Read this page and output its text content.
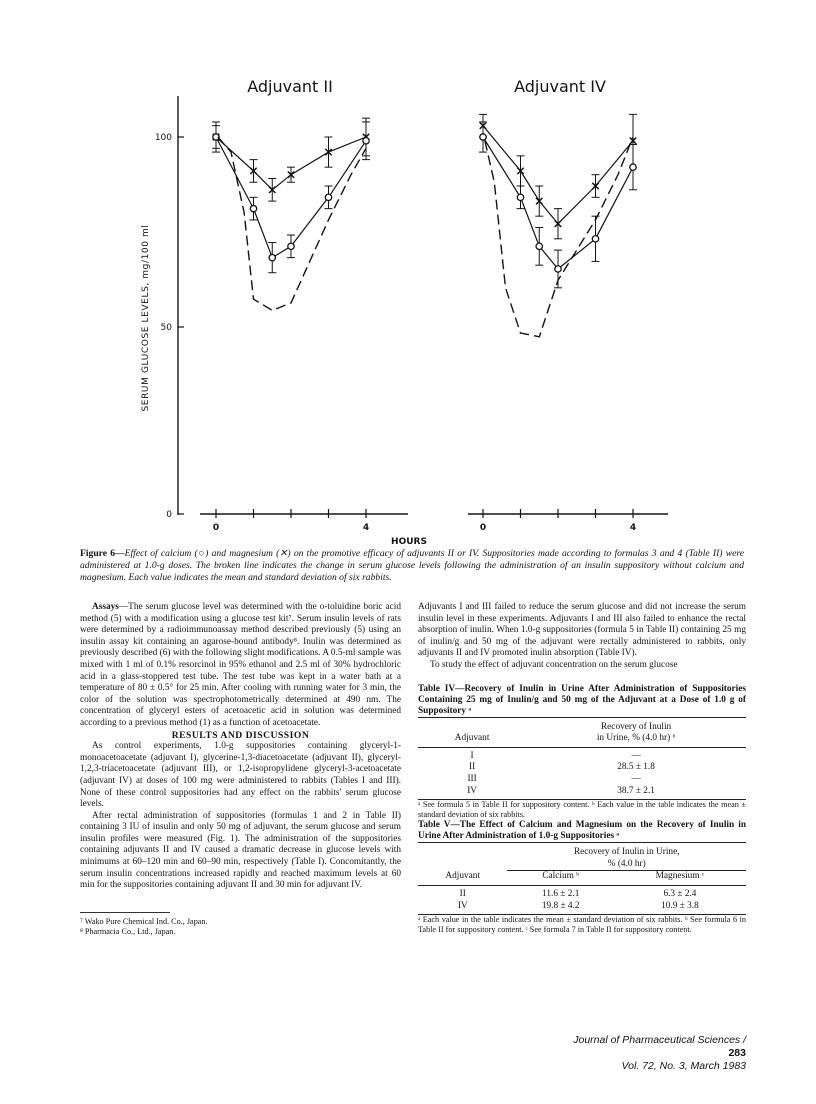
Adjuvant II	Adjuvant IV
SERUM GLUCOSE LEVELS, mg/100 ml
100
50
0
0	4	0	4
HOURS
Figure 6—Effect of calcium (○) and magnesium (✕) on the promotive efficacy of adjuvants II or IV. Suppositories made according to formulas 3 and 4 (Table II) were administered at 1.0-g doses. The broken line indicates the change in serum glucose levels following the administration of an insulin suppository without calcium and magnesium. Each value indicates the mean and standard deviation of six rabbits.

Assays—The serum glucose level was determined with the o-toluidine boric acid method (5) with a modification using a glucose test kit⁷. Serum insulin levels of rats were determined by a radioimmunoassay method described previously (5) using an insulin assay kit containing an agarose-bound antibody⁸. Inulin was determined as previously described (6) with the following slight modifications. A 0.5-ml sample was mixed with 1 ml of 0.1% resorcinol in 95% ethanol and 2.5 ml of 30% hydrochloric acid in a glass-stoppered test tube. The test tube was kept in a water bath at a temperature of 80 ± 0.5° for 25 min. After cooling with running water for 3 min, the color of the solution was spectrophotometrically determined at 490 nm. The concentration of glyceryl esters of acetoacetic acid in solution was determined according to a previous method (1) as a function of acetoacetate.

RESULTS AND DISCUSSION

As control experiments, 1.0-g suppositories containing glyceryl-1-monoacetoacetate (adjuvant I), glycerine-1,3-diacetoacetate (adjuvant II), glyceryl-1,2,3-triacetoacetate (adjuvant III), or 1,2-isopropylidene glyceryl-3-acetoacetate (adjuvant IV) at doses of 100 mg were administered to rabbits (Tables I and III). None of these control suppositories had any effect on the rabbits' serum glucose levels.

After rectal administration of suppositories (formulas 1 and 2 in Table II) containing 3 IU of insulin and only 50 mg of adjuvant, the serum glucose and serum insulin profiles were measured (Fig. 1). The administration of the suppositories containing adjuvants II and IV caused a dramatic decrease in glucose levels with minimums at 60–120 min and 60–90 min, respectively (Table I). Concomitantly, the serum insulin concentrations increased rapidly and reached maximum levels at 60 min for the suppositories containing adjuvant II and 30 min for adjuvant IV.

⁷ Wako Pure Chemical Ind. Co., Japan.

⁸ Pharmacia Co., Ltd., Japan.

Adjuvants I and III failed to reduce the serum glucose and did not increase the serum insulin level in these experiments. Adjuvants I and III also failed to enhance the rectal absorption of inulin. When 1.0-g suppositories (formula 5 in Table II) containing 25 mg of inulin/g and 50 mg of the adjuvant were rectally administered to rabbits, only adjuvants II and IV promoted inulin absorption (Table IV).

To study the effect of adjuvant concentration on the serum glucose

Table IV—Recovery of Inulin in Urine After Administration of Suppositories Containing 25 mg of Inulin/g and 50 mg of the Adjuvant at a Dose of 1.0 g of Suppository ᵃ

	Recovery of Inulin
Adjuvant	in Urine, % (4.0 hr) ᵇ
I	—
II	28.5 ± 1.8
III	—
IV	38.7 ± 2.1

ᵃ See formula 5 in Table II for suppository content. ᵇ Each value in the table indicates the mean ± standard deviation of six rabbits.

Table V—The Effect of Calcium and Magnesium on the Recovery of Inulin in Urine After Administration of 1.0-g Suppositories ᵃ

	Recovery of Inulin in Urine,	
	% (4.0 hr)	
Adjuvant	Calcium ᵇ	Magnesium ᶜ
II	11.6 ± 2.1	6.3 ± 2.4
IV	19.8 ± 4.2	10.9 ± 3.8

ᵃ Each value in the table indicates the mean ± standard deviation of six rabbits. ᵇ See formula 6 in Table II for suppository content. ᶜ See formula 7 in Table II for suppository content.

Journal of Pharmaceutical Sciences / 283
Vol. 72, No. 3, March 1983
